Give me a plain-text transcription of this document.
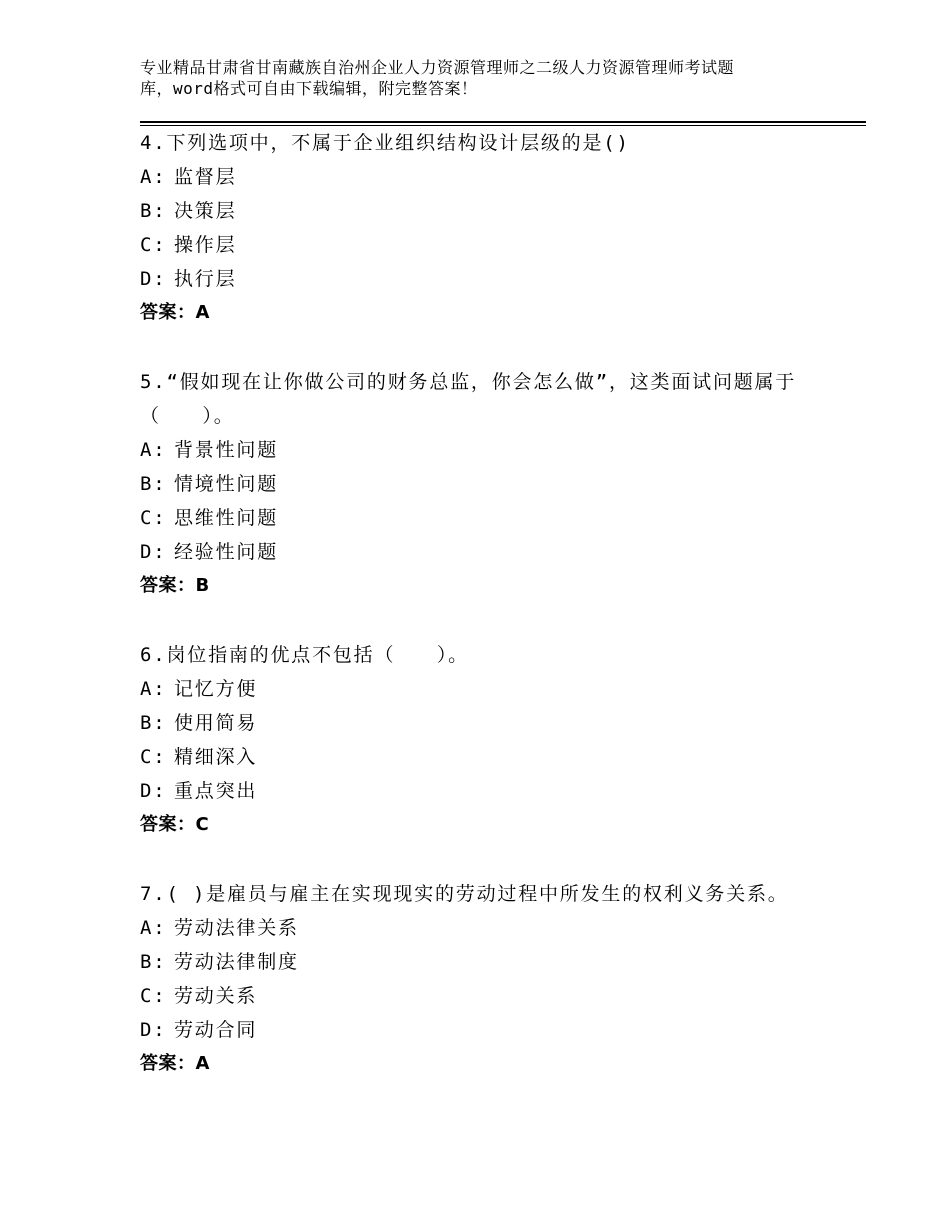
专业精品甘肃省甘南藏族自治州企业人力资源管理师之二级人力资源管理师考试题
库，word格式可自由下载编辑，附完整答案！
4.下列选项中，不属于企业组织结构设计层级的是()
A: 监督层
B: 决策层
C: 操作层
D: 执行层
答案：A
5.“假如现在让你做公司的财务总监，你会怎么做”，这类面试问题属于（　　）。
A: 背景性问题
B: 情境性问题
C: 思维性问题
D: 经验性问题
答案：B
6.岗位指南的优点不包括（　　）。
A: 记忆方便
B: 使用简易
C: 精细深入
D: 重点突出
答案：C
7.( )是雇员与雇主在实现现实的劳动过程中所发生的权利义务关系。
A: 劳动法律关系
B: 劳动法律制度
C: 劳动关系
D: 劳动合同
答案：A
